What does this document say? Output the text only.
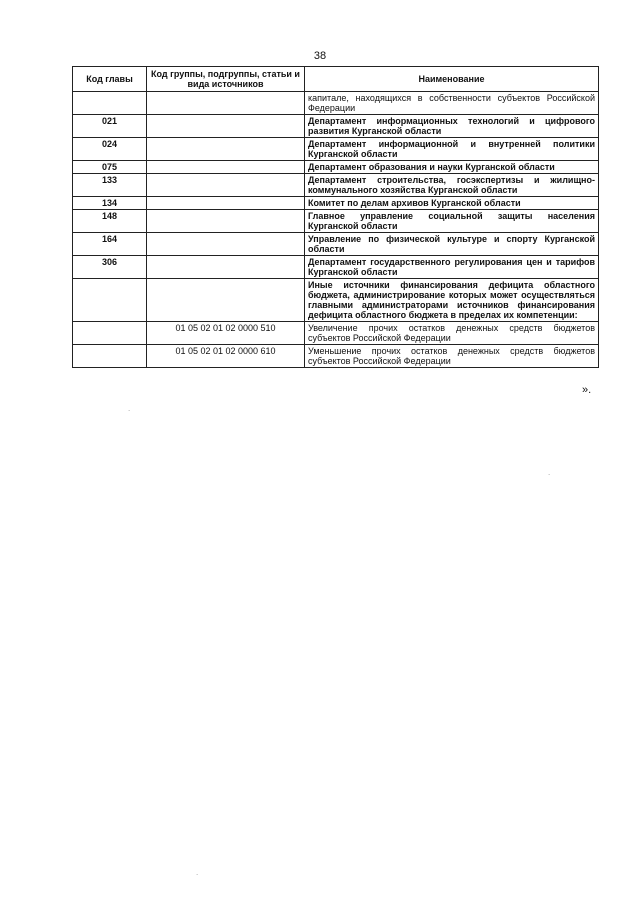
38
Код главы	Код группы, подгруппы, статьи и вида источников	Наименование
		капитале, находящихся в собственности субъектов Российской Федерации
021		Департамент информационных технологий и цифрового развития Курганской области
024		Департамент информационной и внутренней политики Курганской области
075		Департамент образования и науки Курганской области
133		Департамент строительства, госэкспертизы и жилищно-коммунального хозяйства Курганской области
134		Комитет по делам архивов Курганской области
148		Главное управление социальной защиты населения Курганской области
164		Управление по физической культуре и спорту Курганской области
306		Департамент государственного регулирования цен и тарифов Курганской области
		Иные источники финансирования дефицита областного бюджета, администрирование которых может осуществляться главными администраторами источников финансирования дефицита областного бюджета в пределах их компетенции:
	01 05 02 01 02 0000 510	Увеличение прочих остатков денежных средств бюджетов субъектов Российской Федерации
	01 05 02 01 02 0000 610	Уменьшение прочих остатков денежных средств бюджетов субъектов Российской Федерации
».
.
.
.
